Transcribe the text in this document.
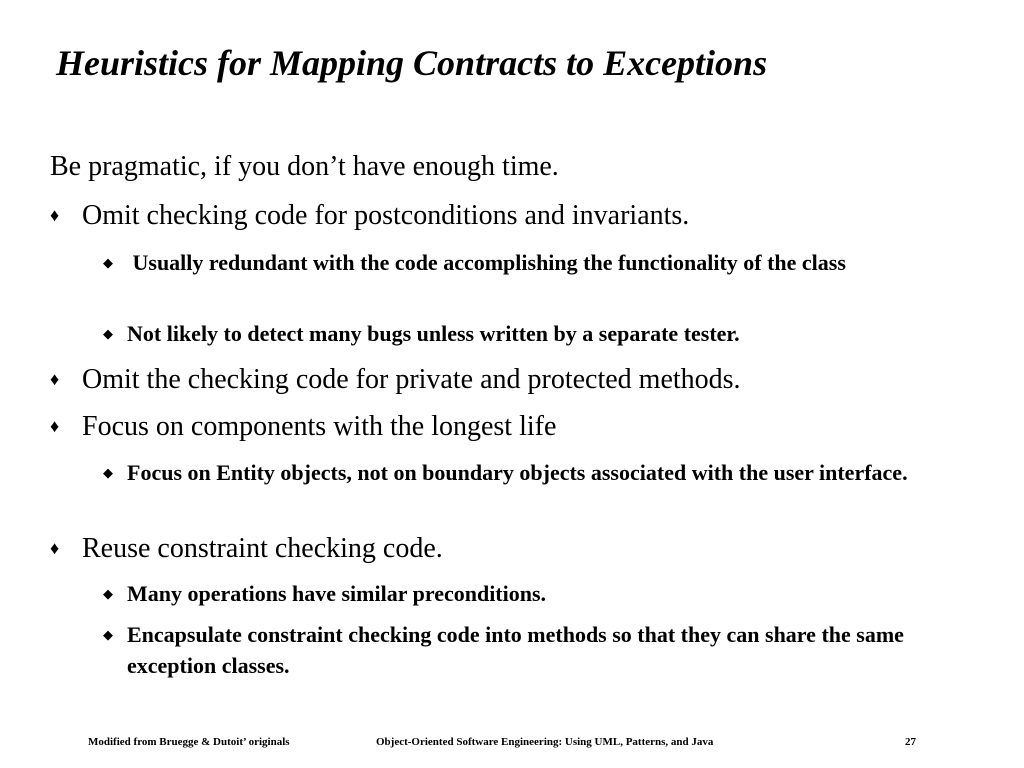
Heuristics for Mapping Contracts to Exceptions
Be pragmatic, if you don’t have enough time.
♦ Omit checking code for postconditions and invariants.
◆ Usually redundant with the code accomplishing the functionality of the class
◆ Not likely to detect many bugs unless written by a separate tester.
♦ Omit the checking code for private and protected methods.
♦ Focus on components with the longest life
◆ Focus on Entity objects, not on boundary objects associated with the user interface.
♦ Reuse constraint checking code.
◆ Many operations have similar preconditions.
◆ Encapsulate constraint checking code into methods so that they can share the same exception classes.
Modified from Bruegge & Dutoit’ originals	Object-Oriented Software Engineering: Using UML, Patterns, and Java	27
